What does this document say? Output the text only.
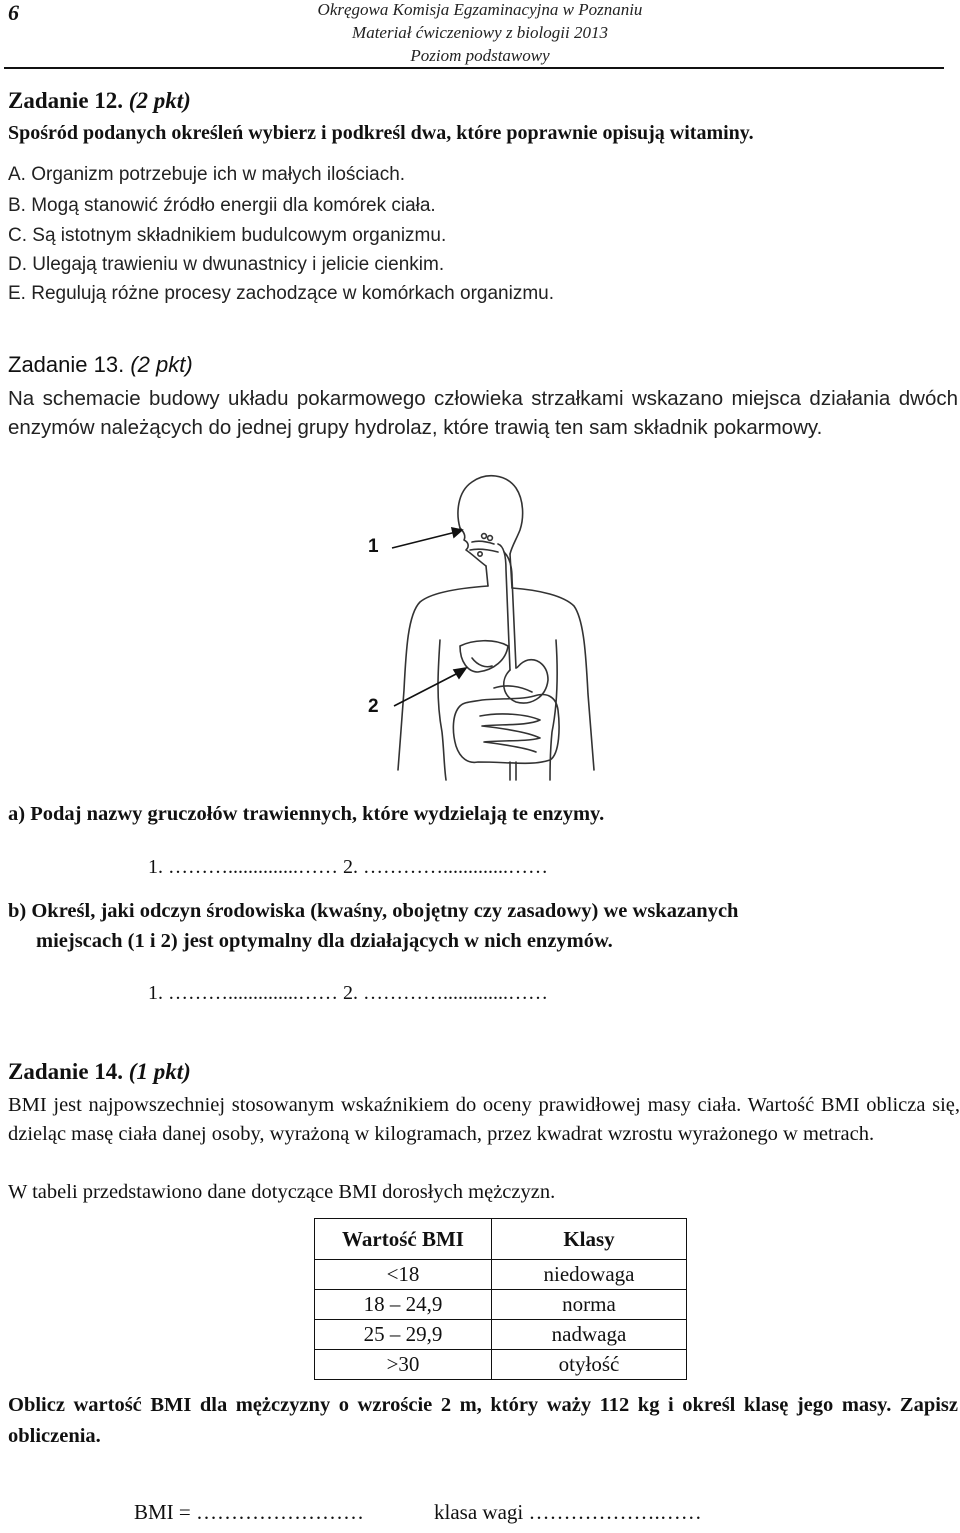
6	Okręgowa Komisja Egzaminacyjna w Poznaniu
Materiał ćwiczeniowy z biologii 2013
Poziom podstawowy
Zadanie 12. (2 pkt)
Spośród podanych określeń wybierz i podkreśl dwa, które poprawnie opisują witaminy.
A. Organizm potrzebuje ich w małych ilościach.
B. Mogą stanowić źródło energii dla komórek ciała.
C. Są istotnym składnikiem budulcowym organizmu.
D. Ulegają trawieniu w dwunastnicy i jelicie cienkim.
E. Regulują różne procesy zachodzące w komórkach organizmu.
Zadanie 13. (2 pkt)
Na schemacie budowy układu pokarmowego człowieka strzałkami wskazano miejsca działania dwóch enzymów należących do jednej grupy hydrolaz, które trawią ten sam składnik pokarmowy.
1
2
a) Podaj nazwy gruczołów trawiennych, które wydzielają te enzymy.
1. ………..............…… 2. ………….............……
b) Określ, jaki odczyn środowiska (kwaśny, obojętny czy zasadowy) we wskazanych
miejscach (1 i 2) jest optymalny dla działających w nich enzymów.
1. ………..............…… 2. ………….............……
Zadanie 14. (1 pkt)
BMI jest najpowszechniej stosowanym wskaźnikiem do oceny prawidłowej masy ciała. Wartość BMI oblicza się, dzieląc masę ciała danej osoby, wyrażoną w kilogramach, przez kwadrat wzrostu wyrażonego w metrach.
W tabeli przedstawiono dane dotyczące BMI dorosłych mężczyzn.
Wartość BMI	Klasy
<18	niedowaga
18 – 24,9	norma
25 – 29,9	nadwaga
>30	otyłość
Oblicz wartość BMI dla mężczyzny o wzroście 2 m, który waży 112 kg i określ klasę jego masy. Zapisz obliczenia.
BMI = ……………………	klasa wagi ……………….……
